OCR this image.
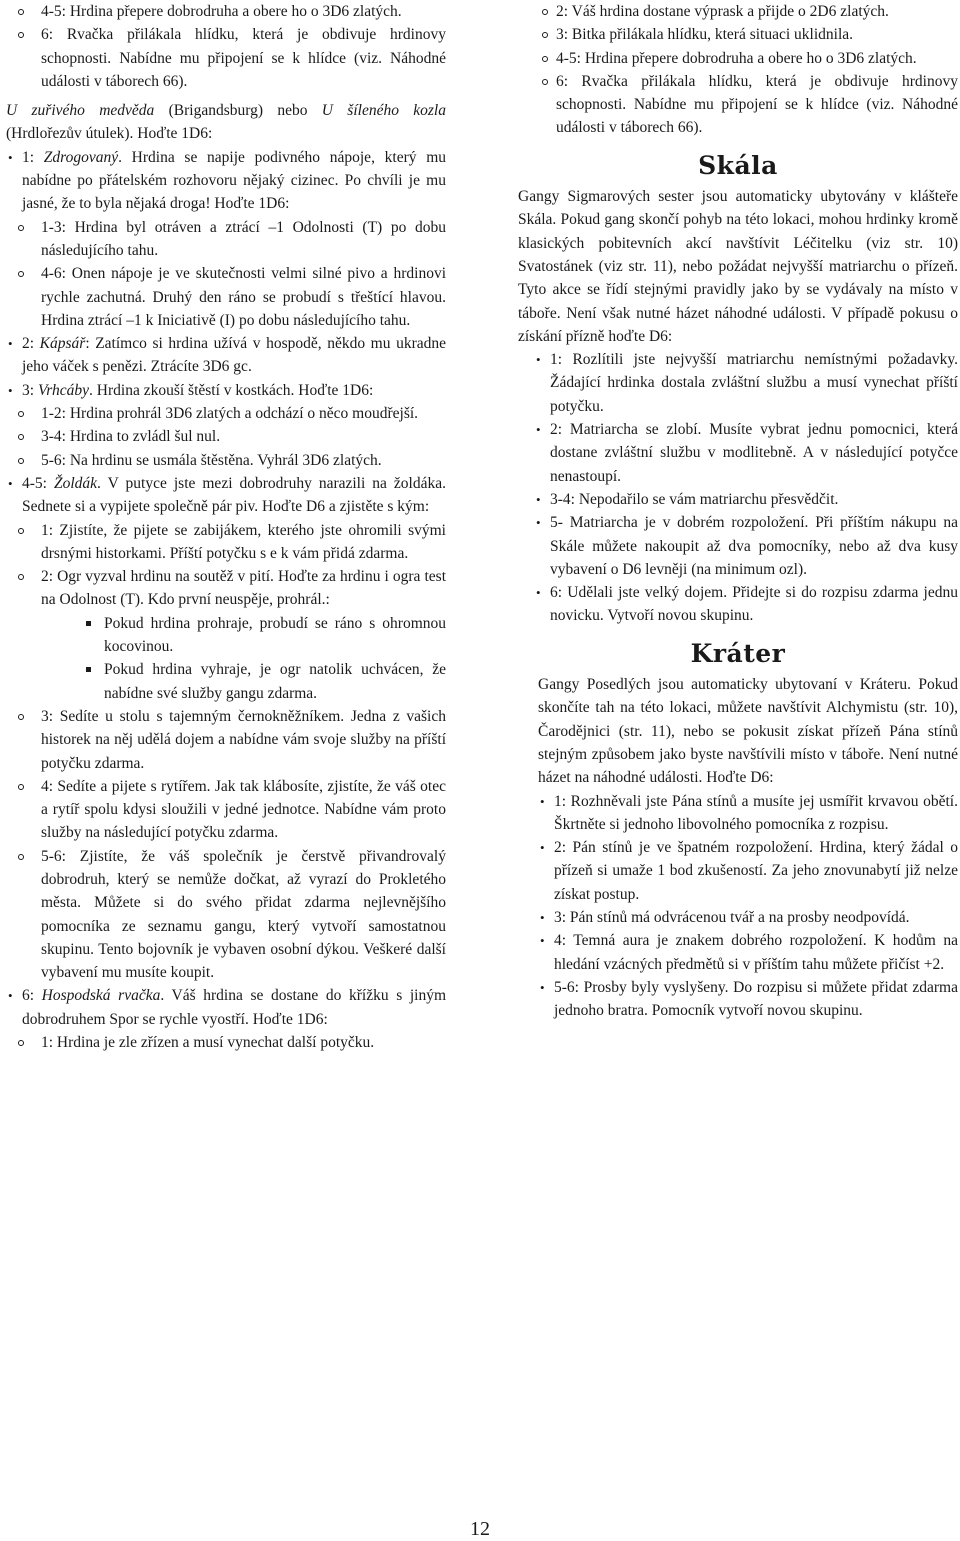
4-5: Hrdina přepere dobrodruha a obere ho o 3D6 zlatých.

6: Rvačka přilákala hlídku, která je obdivuje hrdinovy schopnosti. Nabídne mu připojení se k hlídce (viz. Náhodné události v táborech 66).

U zuřivého medvěda (Brigandsburg) nebo U šíleného kozla (Hrdlořezův útulek). Hoďte 1D6:

• 1: Zdrogovaný. Hrdina se napije podivného nápoje, který mu nabídne po přátelském rozhovoru nějaký cizinec. Po chvíli je mu jasné, že to byla nějaká droga! Hoďte 1D6:

1-3: Hrdina byl otráven a ztrácí –1 Odolnosti (T) po dobu následujícího tahu.

4-6: Onen nápoje je ve skutečnosti velmi silné pivo a hrdinovi rychle zachutná. Druhý den ráno se probudí s třeštící hlavou. Hrdina ztrácí –1 k Iniciativě (I) po dobu následujícího tahu.

• 2: Kápsář: Zatímco si hrdina užívá v hospodě, někdo mu ukradne jeho váček s penězi. Ztrácíte 3D6 gc.

• 3: Vrhcáby. Hrdina zkouší štěstí v kostkách. Hoďte 1D6:

1-2: Hrdina prohrál 3D6 zlatých a odchází o něco moudřejší.

3-4: Hrdina to zvládl šul nul.

5-6: Na hrdinu se usmála štěstěna. Vyhrál 3D6 zlatých.

• 4-5: Žoldák. V putyce jste mezi dobrodruhy narazili na žoldáka. Sednete si a vypijete společně pár piv. Hoďte D6 a zjistěte s kým:

1: Zjistíte, že pijete se zabijákem, kterého jste ohromili svými drsnými historkami. Příští potyčku s e k vám přidá zdarma.

2: Ogr vyzval hrdinu na soutěž v pití. Hoďte za hrdinu i ogra test na Odolnost (T). Kdo první neuspěje, prohrál.:

Pokud hrdina prohraje, probudí se ráno s ohromnou kocovinou.

Pokud hrdina vyhraje, je ogr natolik uchvácen, že nabídne své služby gangu zdarma.

3: Sedíte u stolu s tajemným černokněžníkem. Jedna z vašich historek na něj udělá dojem a nabídne vám svoje služby na příští potyčku zdarma.

4: Sedíte a pijete s rytířem. Jak tak klábosíte, zjistíte, že váš otec a rytíř spolu kdysi sloužili v jedné jednotce. Nabídne vám proto služby na následující potyčku zdarma.

5-6: Zjistíte, že váš společník je čerstvě přivandrovalý dobrodruh, který se nemůže dočkat, až vyrazí do Prokletého města. Můžete si do svého přidat zdarma nejlevnějšího pomocníka ze seznamu gangu, který vytvoří samostatnou skupinu. Tento bojovník je vybaven osobní dýkou. Veškeré další vybavení mu musíte koupit.

• 6: Hospodská rvačka. Váš hrdina se dostane do křížku s jiným dobrodruhem Spor se rychle vyostří. Hoďte 1D6:

1: Hrdina je zle zřízen a musí vynechat další potyčku.

2: Váš hrdina dostane výprask a přijde o 2D6 zlatých.

3: Bitka přilákala hlídku, která situaci uklidnila.

4-5: Hrdina přepere dobrodruha a obere ho o 3D6 zlatých.

6: Rvačka přilákala hlídku, která je obdivuje hrdinovy schopnosti. Nabídne mu připojení se k hlídce (viz. Náhodné události v táborech 66).

Skála

Gangy Sigmarových sester jsou automaticky ubytovány v klášteře Skála. Pokud gang skončí pohyb na této lokaci, mohou hrdinky kromě klasických pobitevních akcí navštívit Léčitelku (viz str. 10) Svatostánek (viz str. 11), nebo požádat nejvyšší matriarchu o přízeň. Tyto akce se řídí stejnými pravidly jako by se vydávaly na místo v táboře. Není však nutné házet náhodné události. V případě pokusu o získání přízně hoďte D6:

• 1: Rozlítili jste nejvyšší matriarchu nemístnými požadavky. Žádající hrdinka dostala zvláštní službu a musí vynechat příští potyčku.

• 2: Matriarcha se zlobí. Musíte vybrat jednu pomocnici, která dostane zvláštní službu v modlitebně. A v následující potyčce nenastoupí.

• 3-4: Nepodařilo se vám matriarchu přesvědčit.

• 5- Matriarcha je v dobrém rozpoložení. Při příštím nákupu na Skále můžete nakoupit až dva pomocníky, nebo až dva kusy vybavení o D6 levněji (na minimum ozl).

• 6: Udělali jste velký dojem. Přidejte si do rozpisu zdarma jednu novicku. Vytvoří novou skupinu.

Kráter

Gangy Posedlých jsou automaticky ubytovaní v Kráteru. Pokud skončíte tah na této lokaci, můžete navštívit Alchymistu (str. 10), Čarodějnici (str. 11), nebo se pokusit získat přízeň Pána stínů stejným způsobem jako byste navštívili místo v táboře. Není nutné házet na náhodné události. Hoďte D6:

• 1: Rozhněvali jste Pána stínů a musíte jej usmířit krvavou obětí. Škrtněte si jednoho libovolného pomocníka z rozpisu.

• 2: Pán stínů je ve špatném rozpoložení. Hrdina, který žádal o přízeň si umaže 1 bod zkušeností. Za jeho znovunabytí již nelze získat postup.

• 3: Pán stínů má odvrácenou tvář a na prosby neodpovídá.

• 4: Temná aura je znakem dobrého rozpoložení. K hodům na hledání vzácných předmětů si v příštím tahu můžete přičíst +2.

• 5-6: Prosby byly vyslyšeny. Do rozpisu si můžete přidat zdarma jednoho bratra. Pomocník vytvoří novou skupinu.

12
